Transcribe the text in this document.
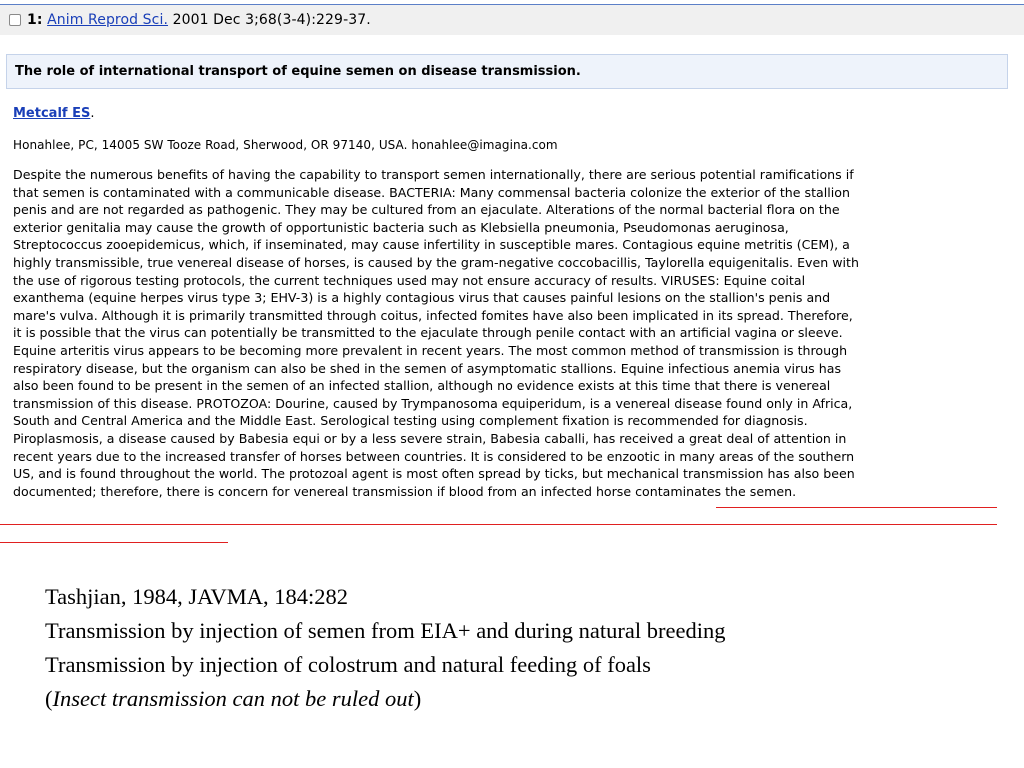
1: Anim Reprod Sci. 2001 Dec 3;68(3-4):229-37.
The role of international transport of equine semen on disease transmission.
Metcalf ES.
Honahlee, PC, 14005 SW Tooze Road, Sherwood, OR 97140, USA. honahlee@imagina.com
Despite the numerous benefits of having the capability to transport semen internationally, there are serious potential ramifications if
that semen is contaminated with a communicable disease. BACTERIA: Many commensal bacteria colonize the exterior of the stallion
penis and are not regarded as pathogenic. They may be cultured from an ejaculate. Alterations of the normal bacterial flora on the
exterior genitalia may cause the growth of opportunistic bacteria such as Klebsiella pneumonia, Pseudomonas aeruginosa,
Streptococcus zooepidemicus, which, if inseminated, may cause infertility in susceptible mares. Contagious equine metritis (CEM), a
highly transmissible, true venereal disease of horses, is caused by the gram-negative coccobacillis, Taylorella equigenitalis. Even with
the use of rigorous testing protocols, the current techniques used may not ensure accuracy of results. VIRUSES: Equine coital
exanthema (equine herpes virus type 3; EHV-3) is a highly contagious virus that causes painful lesions on the stallion's penis and
mare's vulva. Although it is primarily transmitted through coitus, infected fomites have also been implicated in its spread. Therefore,
it is possible that the virus can potentially be transmitted to the ejaculate through penile contact with an artificial vagina or sleeve.
Equine arteritis virus appears to be becoming more prevalent in recent years. The most common method of transmission is through
respiratory disease, but the organism can also be shed in the semen of asymptomatic stallions. Equine infectious anemia virus has
also been found to be present in the semen of an infected stallion, although no evidence exists at this time that there is venereal
transmission of this disease. PROTOZOA: Dourine, caused by Trympanosoma equiperidum, is a venereal disease found only in Africa,
South and Central America and the Middle East. Serological testing using complement fixation is recommended for diagnosis.
Piroplasmosis, a disease caused by Babesia equi or by a less severe strain, Babesia caballi, has received a great deal of attention in
recent years due to the increased transfer of horses between countries. It is considered to be enzootic in many areas of the southern
US, and is found throughout the world. The protozoal agent is most often spread by ticks, but mechanical transmission has also been
documented; therefore, there is concern for venereal transmission if blood from an infected horse contaminates the semen.
Tashjian, 1984, JAVMA, 184:282
Transmission by injection of semen from EIA+ and during natural breeding
Transmission by injection of colostrum and natural feeding of foals
(Insect transmission can not be ruled out)
